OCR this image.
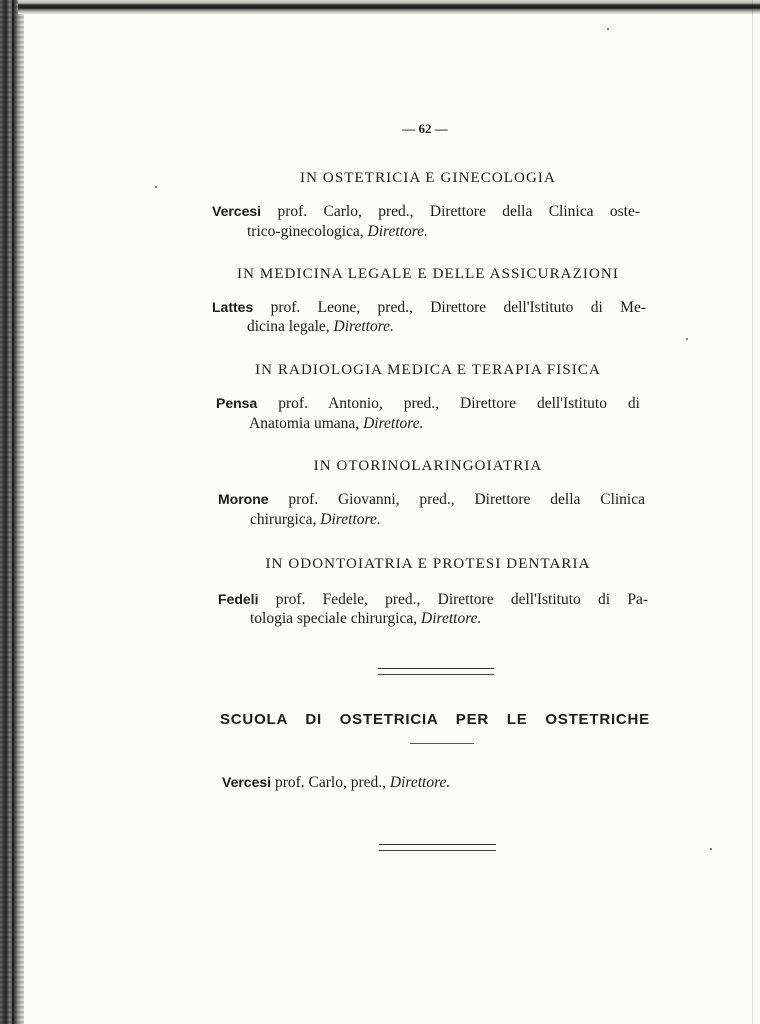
— 62 —
IN OSTETRICIA E GINECOLOGIA
Vercesi prof. Carlo, pred., Direttore della Clinica oste-
trico-ginecologica, Direttore.
IN MEDICINA LEGALE E DELLE ASSICURAZIONI
Lattes prof. Leone, pred., Direttore dell'Istituto di Me-
dicina legale, Direttore.
IN RADIOLOGIA MEDICA E TERAPIA FISICA
Pensa prof. Antonio, pred., Direttore dell'Istituto di
Anatomia umana, Direttore.
IN OTORINOLARINGOIATRIA
Morone prof. Giovanni, pred., Direttore della Clinica
chirurgica, Direttore.
IN ODONTOIATRIA E PROTESI DENTARIA
Fedeli prof. Fedele, pred., Direttore dell'Istituto di Pa-
tologia speciale chirurgica, Direttore.
SCUOLA DI OSTETRICIA PER LE OSTETRICHE
Vercesi prof. Carlo, pred., Direttore.
